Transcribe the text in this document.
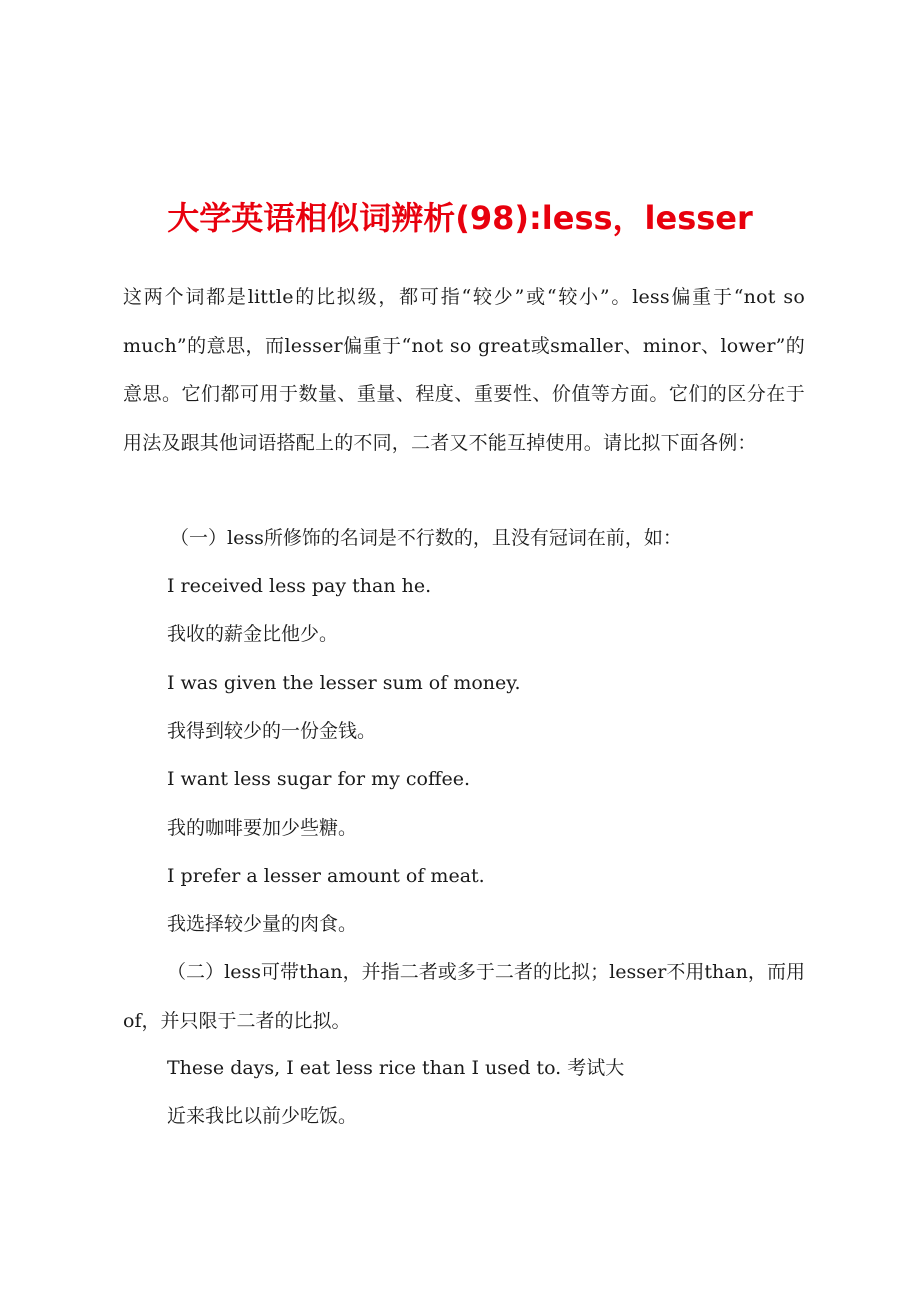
大学英语相似词辨析(98):less，lesser
这两个词都是little的比拟级，都可指“较少”或“较小”。less偏重于“not so much”的意思，而lesser偏重于“not so great或smaller、minor、lower”的意思。它们都可用于数量、重量、程度、重要性、价值等方面。它们的区分在于用法及跟其他词语搭配上的不同，二者又不能互掉使用。请比拟下面各例：
（一）less所修饰的名词是不行数的，且没有冠词在前，如：
I received less pay than he.
我收的薪金比他少。
I was given the lesser sum of money.
我得到较少的一份金钱。
I want less sugar for my coffee.
我的咖啡要加少些糖。
I prefer a lesser amount of meat.
我选择较少量的肉食。
（二）less可带than，并指二者或多于二者的比拟；lesser不用than，而用of，并只限于二者的比拟。
These days, I eat less rice than I used to. 考试大
近来我比以前少吃饭。
